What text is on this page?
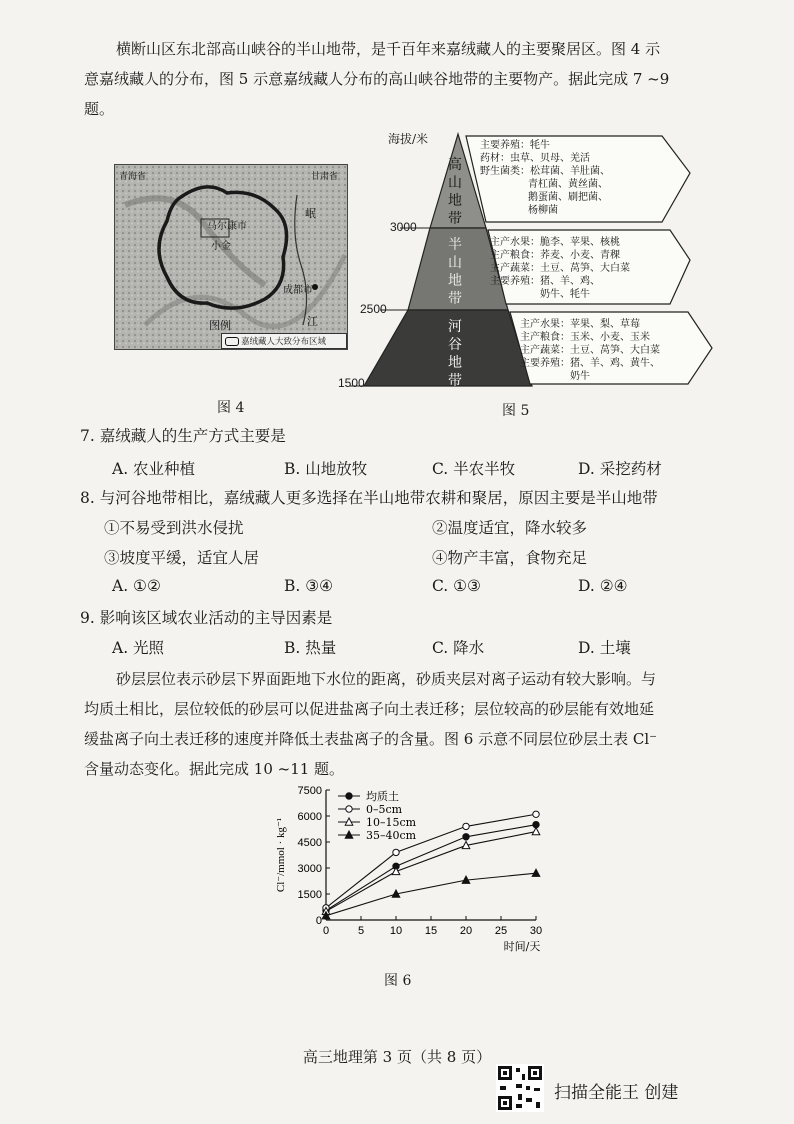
横断山区东北部高山峡谷的半山地带，是千百年来嘉绒藏人的主要聚居区。图 4 示
意嘉绒藏人的分布，图 5 示意嘉绒藏人分布的高山峡谷地带的主要物产。据此完成 7 ~9
题。
青海省	甘肃省
马尔康市
小金
岷
江
成都市
图例
嘉绒藏人大致分布区域
图 4
海拔/米
3000
2500
1500
高山地带
半山地带
河谷地带
主要养殖：牦牛
药材：虫草、贝母、羌活
野生菌类：松茸菌、羊肚菌、
青杠菌、黄丝菌、
鹅蛋菌、刷把菌、
杨柳菌
主产水果：脆李、苹果、核桃
主产粮食：荞麦、小麦、青稞
主产蔬菜：土豆、莴笋、大白菜
主要养殖：猪、羊、鸡、
奶牛、牦牛
主产水果：苹果、梨、草莓
主产粮食：玉米、小麦、玉米
主产蔬菜：土豆、莴笋、大白菜
主要养殖：猪、羊、鸡、黄牛、
奶牛
图 5
7. 嘉绒藏人的生产方式主要是
A. 农业种植	B. 山地放牧	C. 半农半牧	D. 采挖药材
8. 与河谷地带相比，嘉绒藏人更多选择在半山地带农耕和聚居，原因主要是半山地带
①不易受到洪水侵扰	②温度适宜，降水较多
③坡度平缓，适宜人居	④物产丰富，食物充足
A. ①②	B. ③④	C. ①③	D. ②④
9. 影响该区域农业活动的主导因素是
A. 光照	B. 热量	C. 降水	D. 土壤
砂层层位表示砂层下界面距地下水位的距离，砂质夹层对离子运动有较大影响。与
均质土相比，层位较低的砂层可以促进盐离子向土表迁移；层位较高的砂层能有效地延
缓盐离子向土表迁移的速度并降低土表盐离子的含量。图 6 示意不同层位砂层土表 Cl⁻
含量动态变化。据此完成 10 ~11 题。
0
1500
3000
4500
6000
7500
0	5 10 15 20 25 30
时间/天
Cl⁻/mmol · kg⁻¹
均质土
0–5cm
10–15cm
35–40cm
图 6
高三地理第 3 页（共 8 页）
扫描全能王 创建
